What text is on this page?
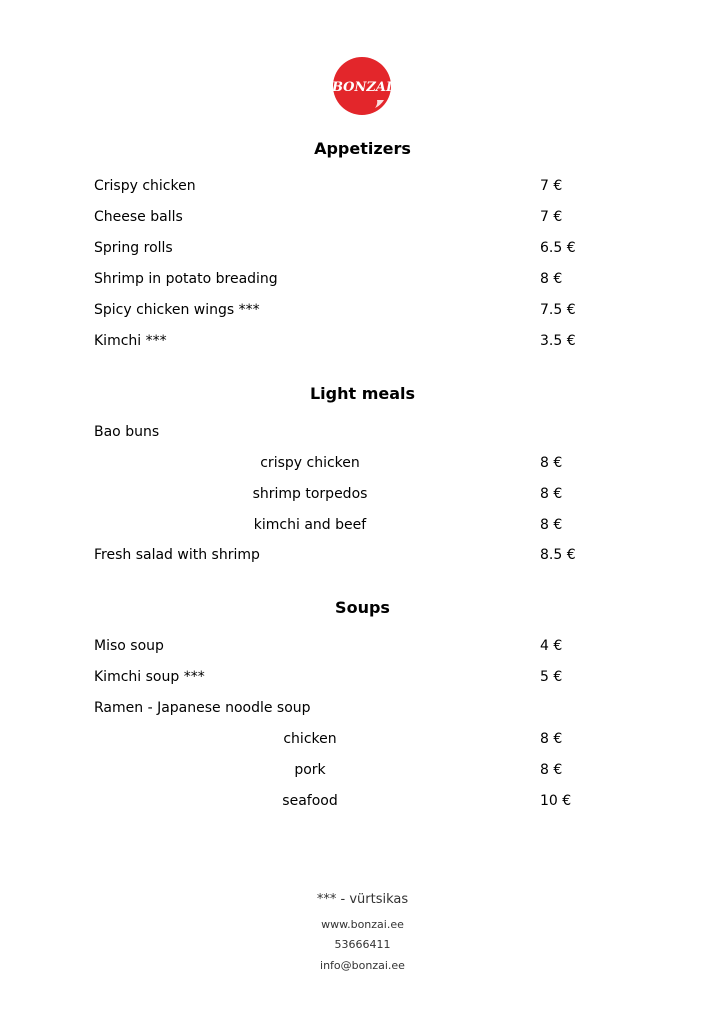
BONZAI
Appetizers
Crispy chicken	7 €
Cheese balls	7 €
Spring rolls	6.5 €
Shrimp in potato breading	8 €
Spicy chicken wings ***	7.5 €
Kimchi ***	3.5 €
Light meals
Bao buns
crispy chicken	8 €
shrimp torpedos	8 €
kimchi and beef	8 €
Fresh salad with shrimp	8.5 €
Soups
Miso soup	4 €
Kimchi soup ***	5 €
Ramen - Japanese noodle soup
chicken	8 €
pork	8 €
seafood	10 €

*** - vürtsikas

www.bonzai.ee

53666411

info@bonzai.ee
